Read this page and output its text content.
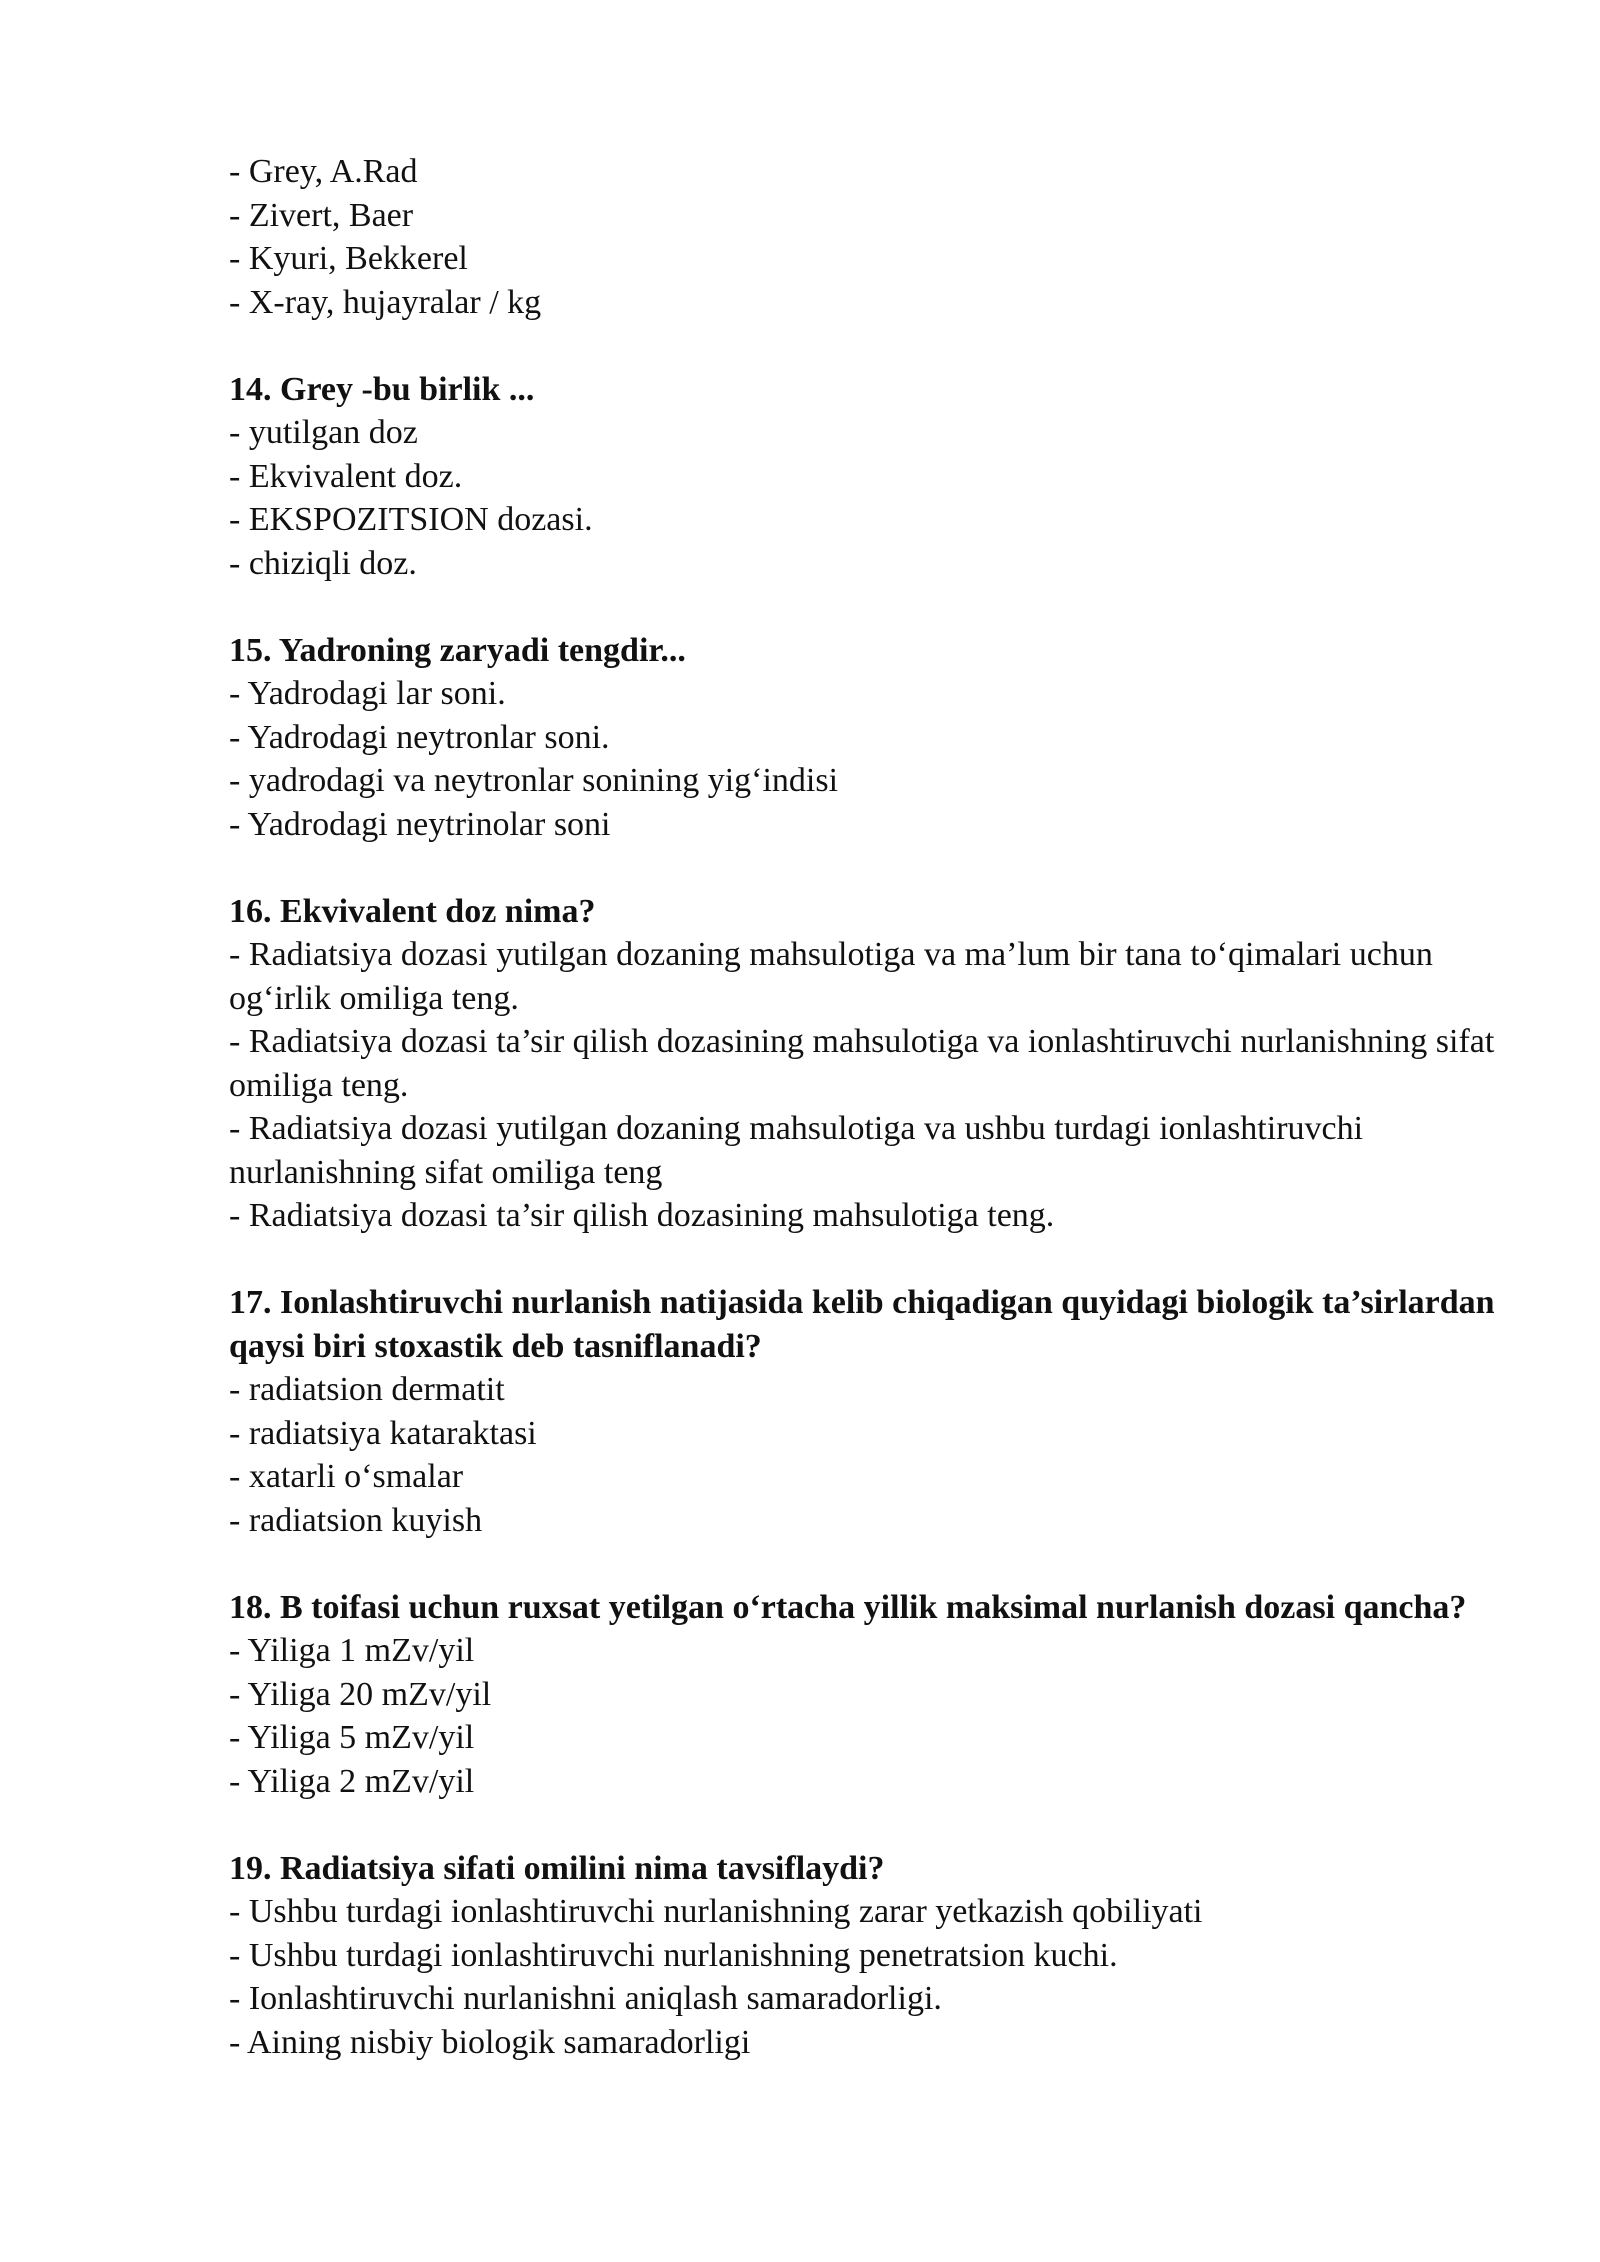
- Grey, A.Rad
- Zivert, Baer
- Kyuri, Bekkerel
- X-ray, hujayralar / kg
14. Grey -bu birlik ...
- yutilgan doz
- Ekvivalent doz.
- EKSPOZITSION dozasi.
- chiziqli doz.
15. Yadroning zaryadi tengdir...
- Yadrodagi lar soni.
- Yadrodagi neytronlar soni.
- yadrodagi va neytronlar sonining yig‘indisi
- Yadrodagi neytrinolar soni
16. Ekvivalent doz nima?
- Radiatsiya dozasi yutilgan dozaning mahsulotiga va ma’lum bir tana to‘qimalari uchun og‘irlik omiliga teng.
- Radiatsiya dozasi ta’sir qilish dozasining mahsulotiga va ionlashtiruvchi nurlanishning sifat omiliga teng.
- Radiatsiya dozasi yutilgan dozaning mahsulotiga va ushbu turdagi ionlashtiruvchi nurlanishning sifat omiliga teng
- Radiatsiya dozasi ta’sir qilish dozasining mahsulotiga teng.
17. Ionlashtiruvchi nurlanish natijasida kelib chiqadigan quyidagi biologik ta’sirlardan qaysi biri stoxastik deb tasniflanadi?
- radiatsion dermatit
- radiatsiya kataraktasi
- xatarli o‘smalar
- radiatsion kuyish
18. B toifasi uchun ruxsat yetilgan o‘rtacha yillik maksimal nurlanish dozasi qancha?
- Yiliga 1 mZv/yil
- Yiliga 20 mZv/yil
- Yiliga 5 mZv/yil
- Yiliga 2 mZv/yil
19. Radiatsiya sifati omilini nima tavsiflaydi?
- Ushbu turdagi ionlashtiruvchi nurlanishning zarar yetkazish qobiliyati
- Ushbu turdagi ionlashtiruvchi nurlanishning penetratsion kuchi.
- Ionlashtiruvchi nurlanishni aniqlash samaradorligi.
- Aining nisbiy biologik samaradorligi
